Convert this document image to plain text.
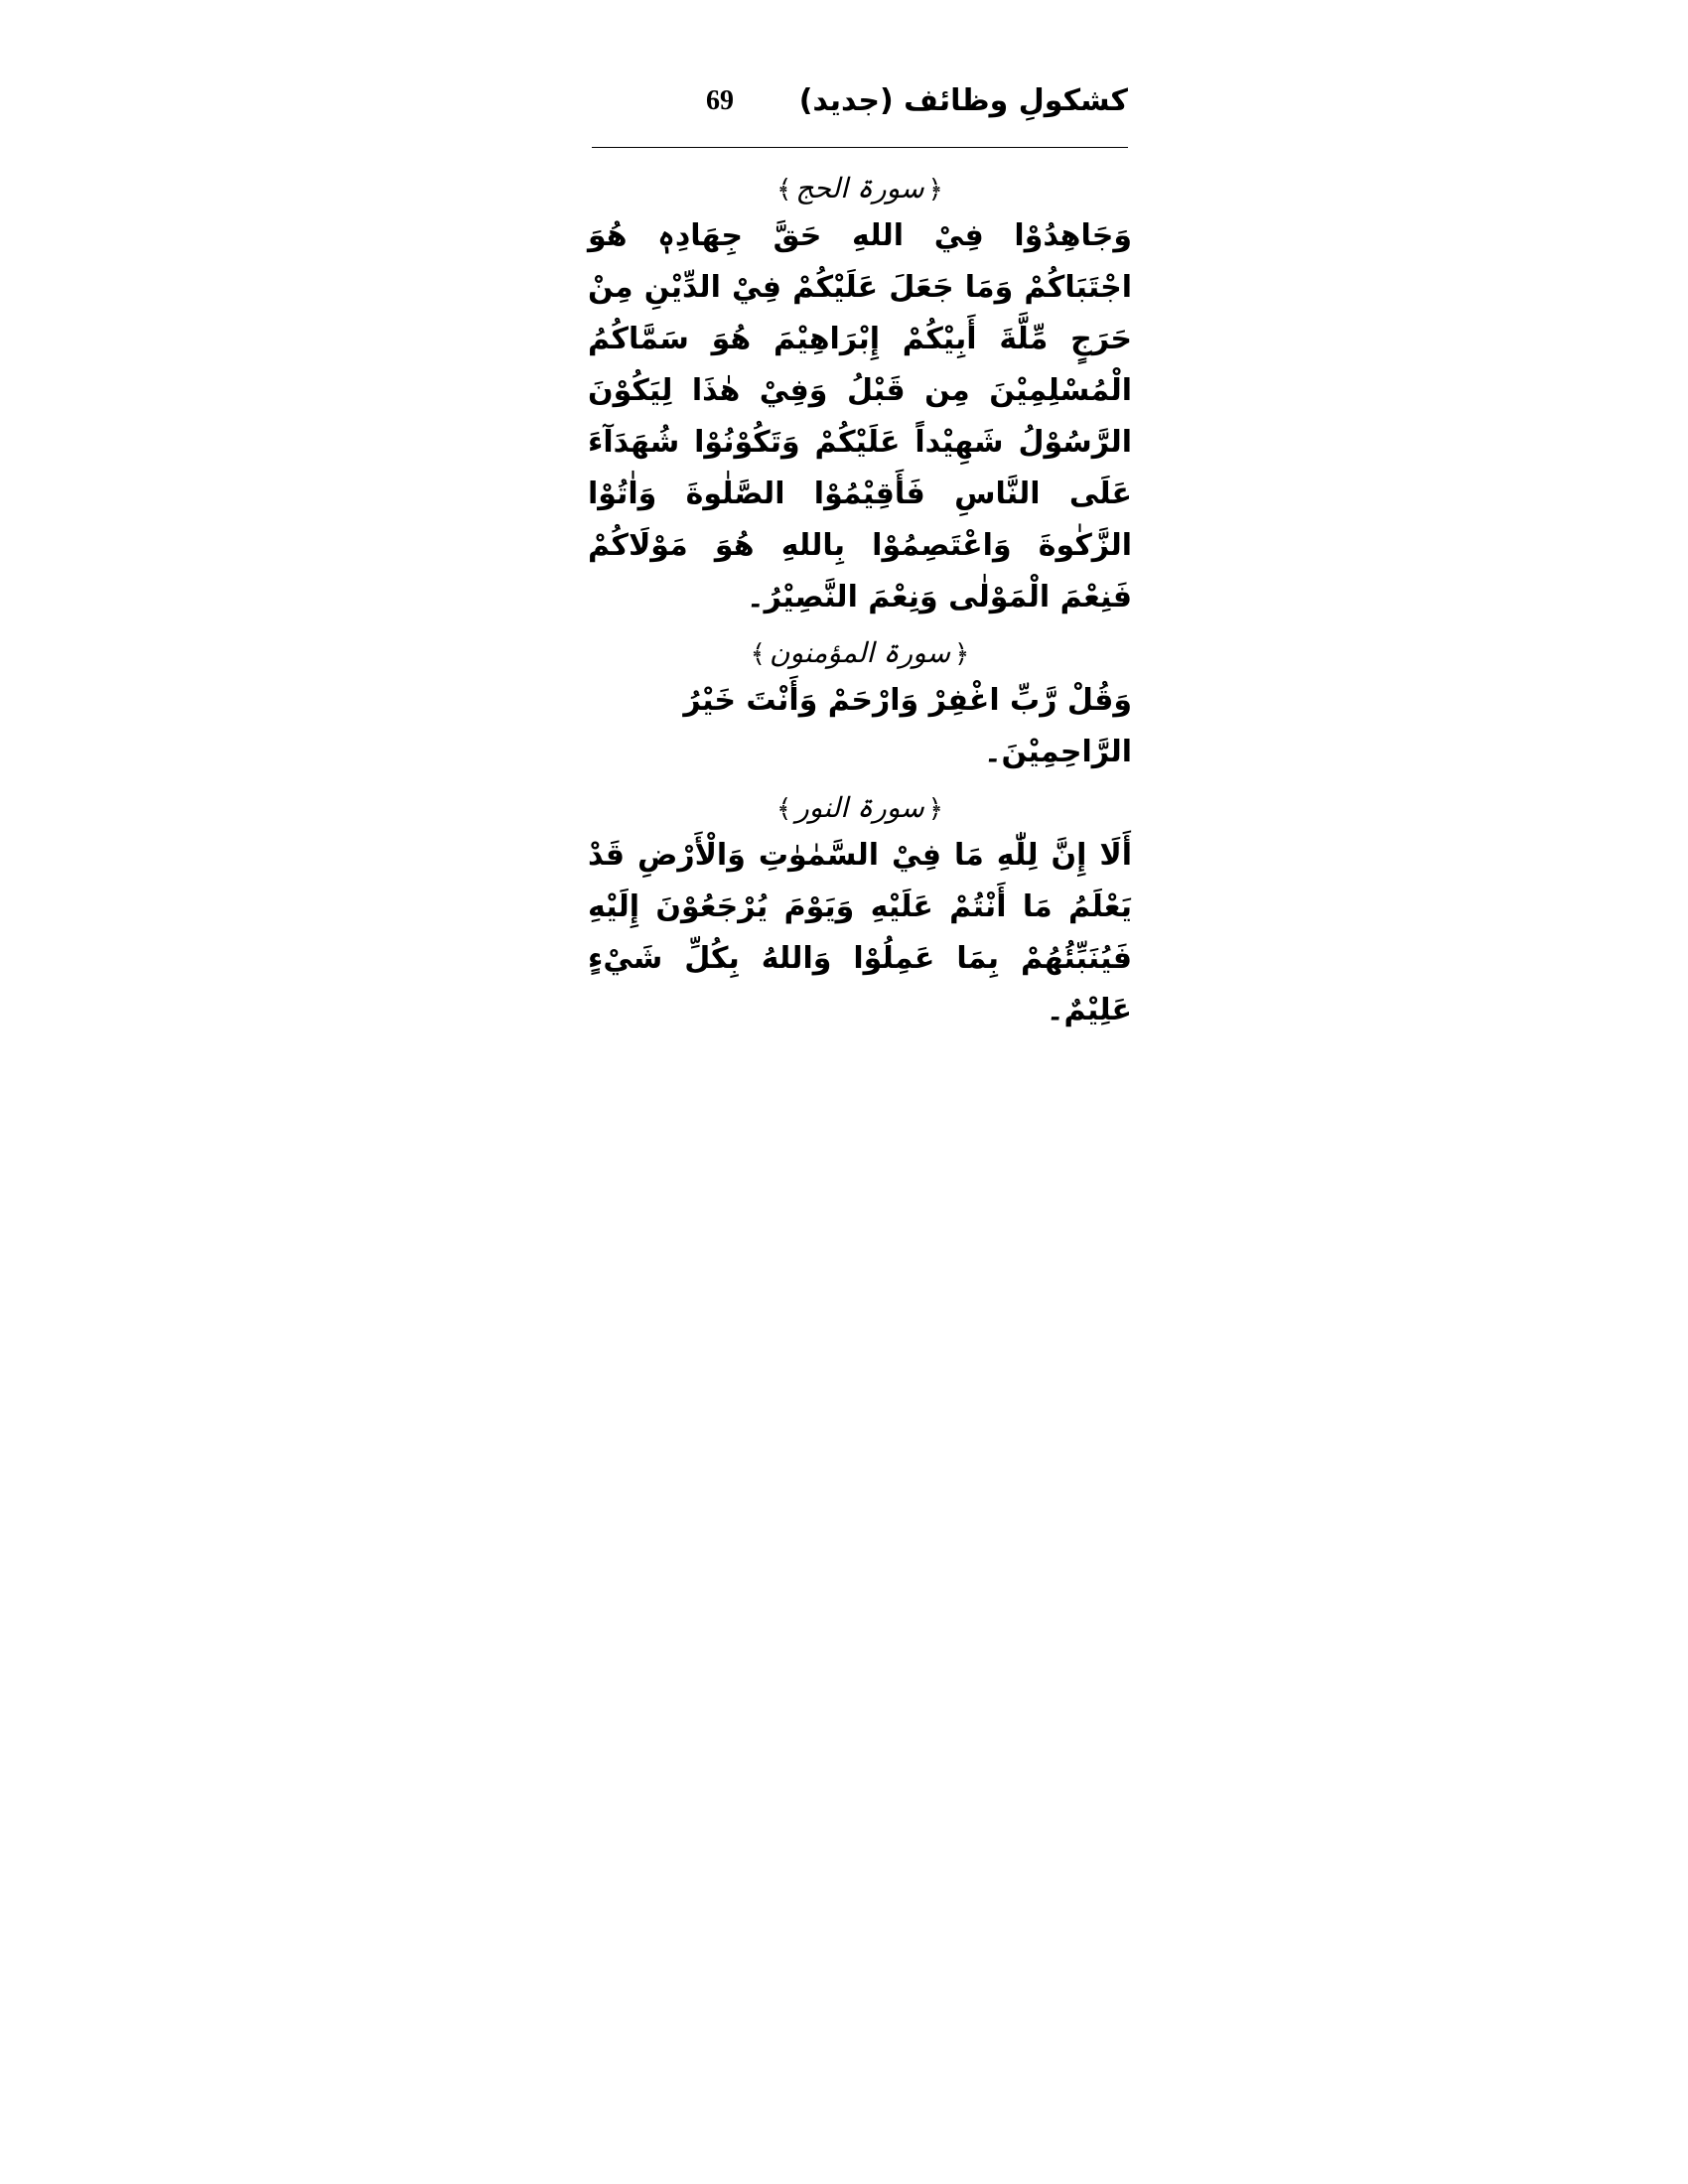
کشکولِ وظائف (جدید)
69
﴿سورۃ الحج﴾

وَجَاهِدُوْا فِيْ اللهِ حَقَّ جِهَادِهٖ هُوَ اجْتَبَاكُمْ وَمَا جَعَلَ عَلَيْكُمْ فِيْ الدِّيْنِ مِنْ حَرَجٍ مِّلَّةَ أَبِيْكُمْ إِبْرَاهِيْمَ هُوَ سَمَّاكُمُ الْمُسْلِمِيْنَ مِن قَبْلُ وَفِيْ هٰذَا لِيَكُوْنَ الرَّسُوْلُ شَهِيْداً عَلَيْكُمْ وَتَكُوْنُوْا شُهَدَآءَ عَلَى النَّاسِ فَأَقِيْمُوْا الصَّلٰوةَ وَاٰتُوْا الزَّكٰوةَ وَاعْتَصِمُوْا بِاللهِ هُوَ مَوْلَاكُمْ فَنِعْمَ الْمَوْلٰى وَنِعْمَ النَّصِيْرُ۔

﴿سورۃ المؤمنون﴾

وَقُلْ رَّبِّ اغْفِرْ وَارْحَمْ وَأَنْتَ خَيْرُ الرَّاحِمِيْنَ۔

﴿سورۃ النور﴾

أَلَا إِنَّ لِلّٰهِ مَا فِيْ السَّمٰوٰتِ وَالْأَرْضِ قَدْ يَعْلَمُ مَا أَنْتُمْ عَلَيْهِ وَيَوْمَ يُرْجَعُوْنَ إِلَيْهِ فَيُنَبِّئُهُمْ بِمَا عَمِلُوْا وَاللهُ بِكُلِّ شَيْءٍ عَلِيْمٌ۔
